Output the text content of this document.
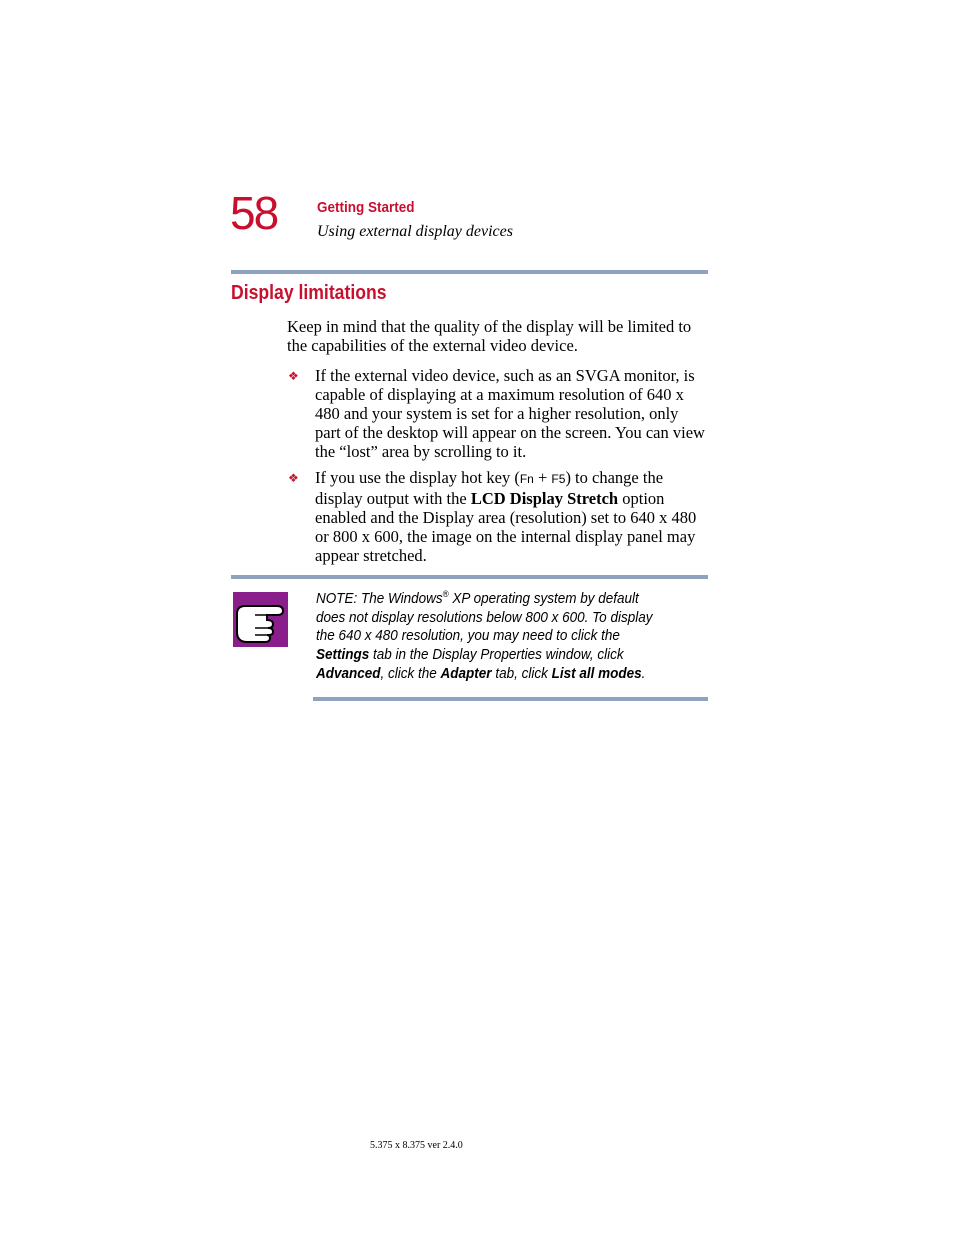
58	Getting Started
Using external display devices
Display limitations
Keep in mind that the quality of the display will be limited to the capabilities of the external video device.
❖ If the external video device, such as an SVGA monitor, is capable of displaying at a maximum resolution of 640 x 480 and your system is set for a higher resolution, only part of the desktop will appear on the screen. You can view the “lost” area by scrolling to it.
❖ If you use the display hot key (Fn + F5) to change the display output with the LCD Display Stretch option enabled and the Display area (resolution) set to 640 x 480 or 800 x 600, the image on the internal display panel may appear stretched.
NOTE: The Windows® XP operating system by default does not display resolutions below 800 x 600. To display the 640 x 480 resolution, you may need to click the Settings tab in the Display Properties window, click Advanced, click the Adapter tab, click List all modes.
5.375 x 8.375 ver 2.4.0
